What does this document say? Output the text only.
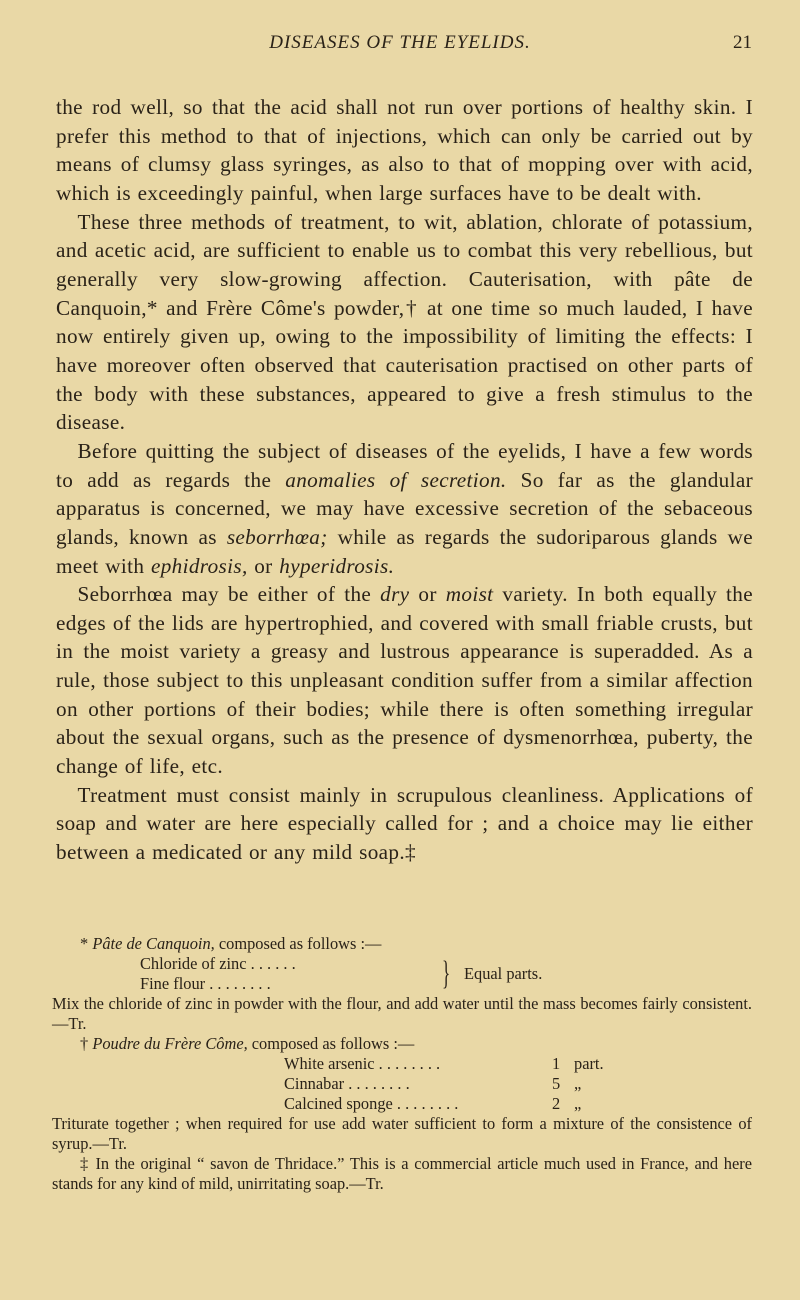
DISEASES OF THE EYELIDS.	21

the rod well, so that the acid shall not run over portions of healthy skin. I prefer this method to that of injections, which can only be carried out by means of clumsy glass syringes, as also to that of mopping over with acid, which is exceedingly painful, when large surfaces have to be dealt with.

 These three methods of treatment, to wit, ablation, chlorate of potassium, and acetic acid, are sufficient to enable us to combat this very rebellious, but generally very slow-growing affection. Cauterisation, with pâte de Canquoin,* and Frère Côme's powder,† at one time so much lauded, I have now entirely given up, owing to the impossibility of limiting the effects: I have moreover often observed that cauterisation practised on other parts of the body with these substances, appeared to give a fresh stimulus to the disease.

 Before quitting the subject of diseases of the eyelids, I have a few words to add as regards the anomalies of secretion. So far as the glandular apparatus is concerned, we may have excessive secretion of the sebaceous glands, known as seborrhœa; while as regards the sudoriparous glands we meet with ephidrosis, or hyperidrosis.

 Seborrhœa may be either of the dry or moist variety. In both equally the edges of the lids are hypertrophied, and covered with small friable crusts, but in the moist variety a greasy and lustrous appearance is superadded. As a rule, those subject to this unpleasant condition suffer from a similar affection on other portions of their bodies; while there is often something irregular about the sexual organs, such as the presence of dysmenorrhœa, puberty, the change of life, etc.

 Treatment must consist mainly in scrupulous cleanliness. Applications of soap and water are here especially called for ; and a choice may lie either between a medicated or any mild soap.‡

* Pâte de Canquoin, composed as follows :—

Chloride of zinc . . . . . .
Fine flour . . . . . . . .	} Equal parts.

Mix the chloride of zinc in powder with the flour, and add water until the mass becomes fairly consistent.—Tr.

† Poudre du Frère Côme, composed as follows :—

White arsenic . . . . . . . .	1 part.
Cinnabar . . . . . . . .	5 „
Calcined sponge . . . . . . . .	2 „

Triturate together ; when required for use add water sufficient to form a mixture of the consistence of syrup.—Tr.

‡ In the original “ savon de Thridace.” This is a commercial article much used in France, and here stands for any kind of mild, unirritating soap.—Tr.
